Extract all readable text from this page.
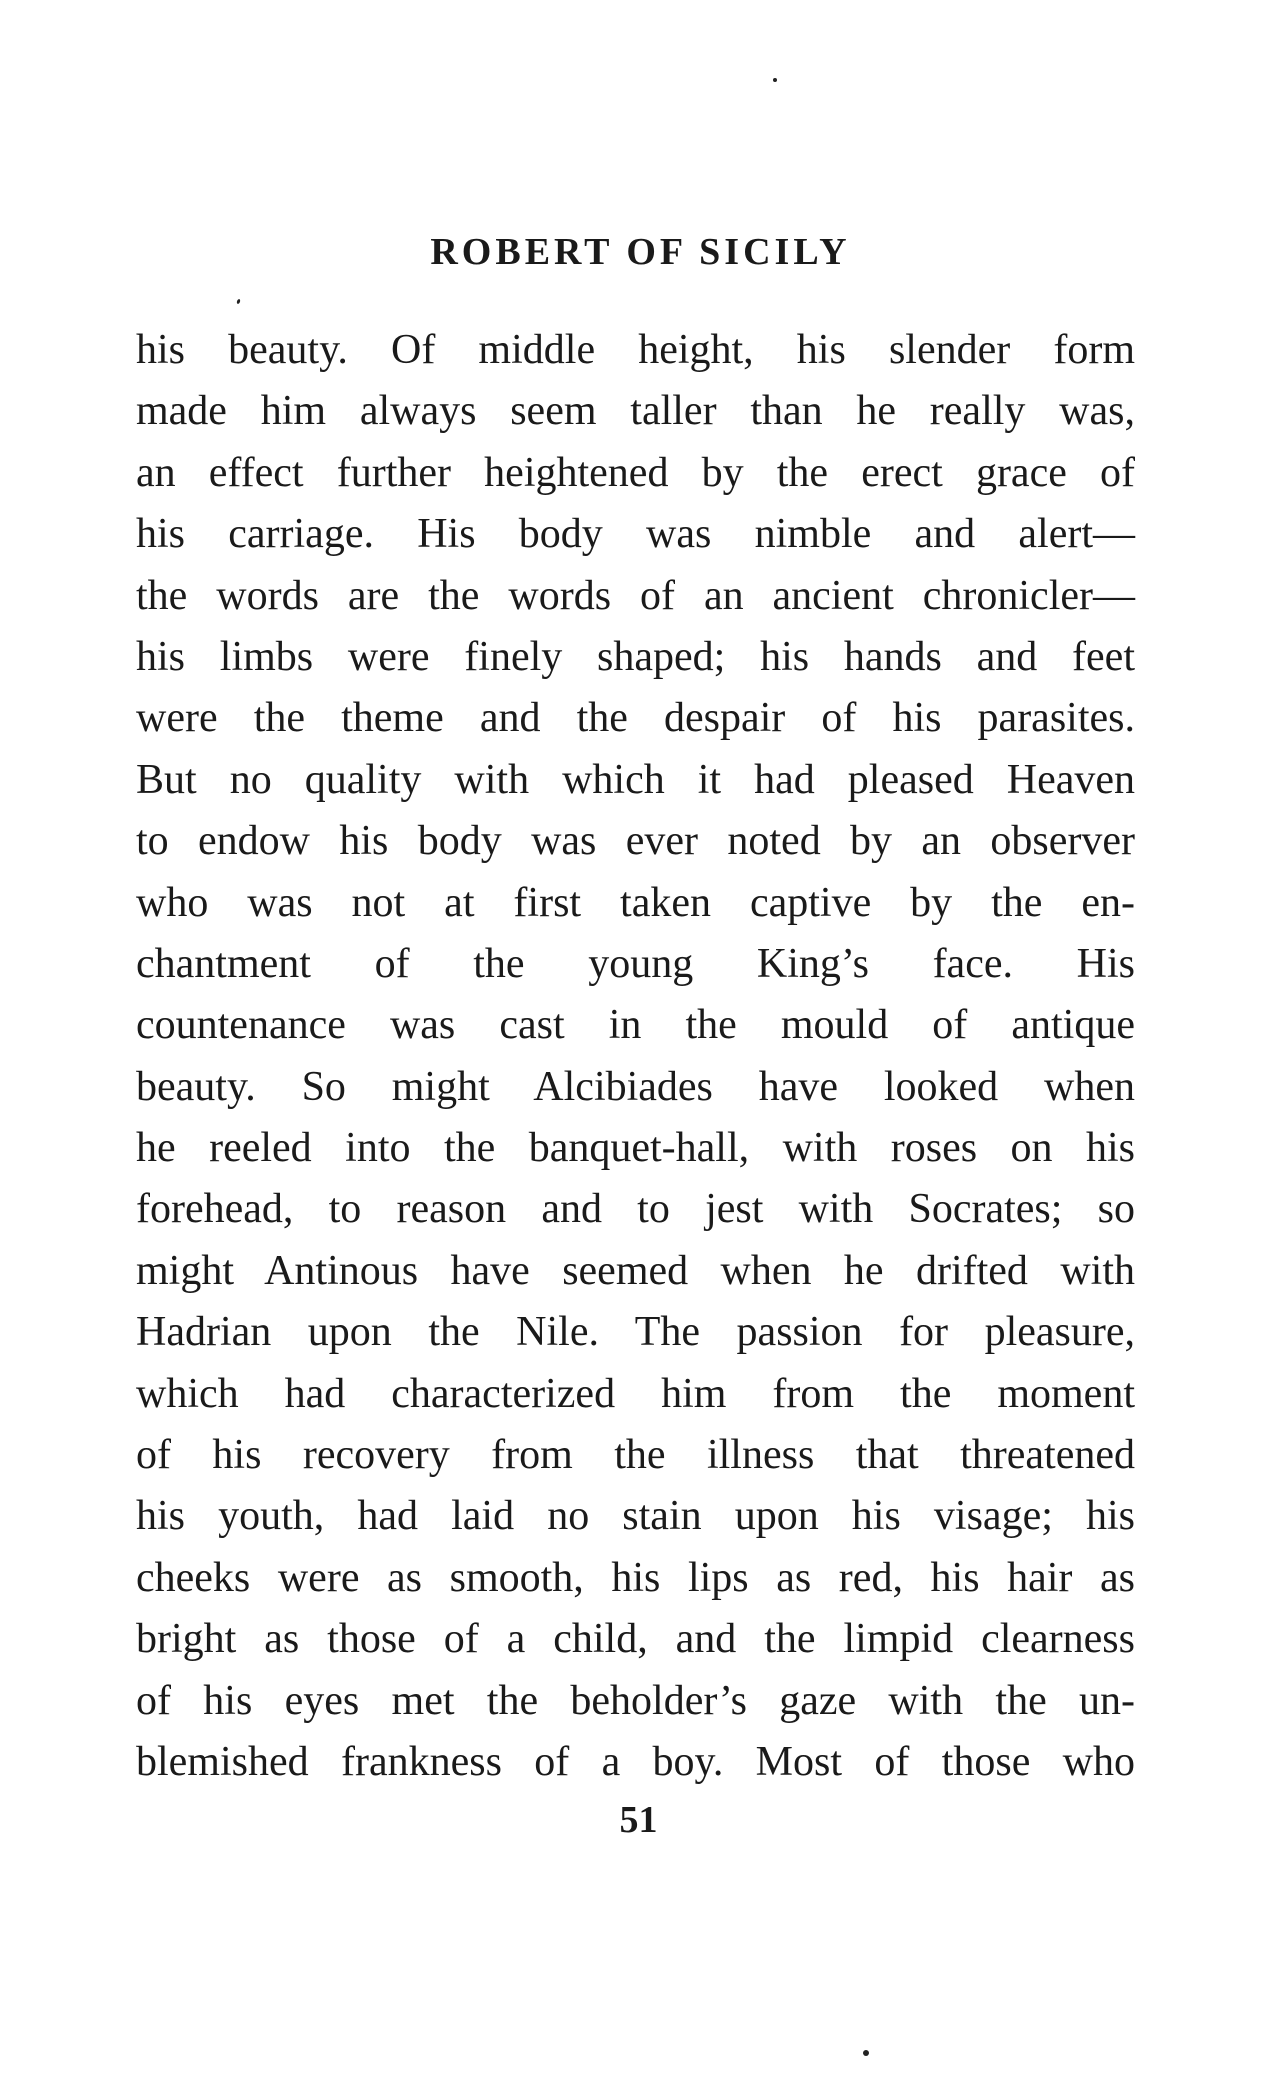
ROBERT OF SICILY
his beauty. Of middle height, his slender form
made him always seem taller than he really was,
an effect further heightened by the erect grace of
his carriage. His body was nimble and alert—
the words are the words of an ancient chronicler—
his limbs were finely shaped; his hands and feet
were the theme and the despair of his parasites.
But no quality with which it had pleased Heaven
to endow his body was ever noted by an observer
who was not at first taken captive by the en-
chantment of the young King’s face. His
countenance was cast in the mould of antique
beauty. So might Alcibiades have looked when
he reeled into the banquet-hall, with roses on his
forehead, to reason and to jest with Socrates; so
might Antinous have seemed when he drifted with
Hadrian upon the Nile. The passion for pleasure,
which had characterized him from the moment
of his recovery from the illness that threatened
his youth, had laid no stain upon his visage; his
cheeks were as smooth, his lips as red, his hair as
bright as those of a child, and the limpid clearness
of his eyes met the beholder’s gaze with the un-
blemished frankness of a boy. Most of those who
51
